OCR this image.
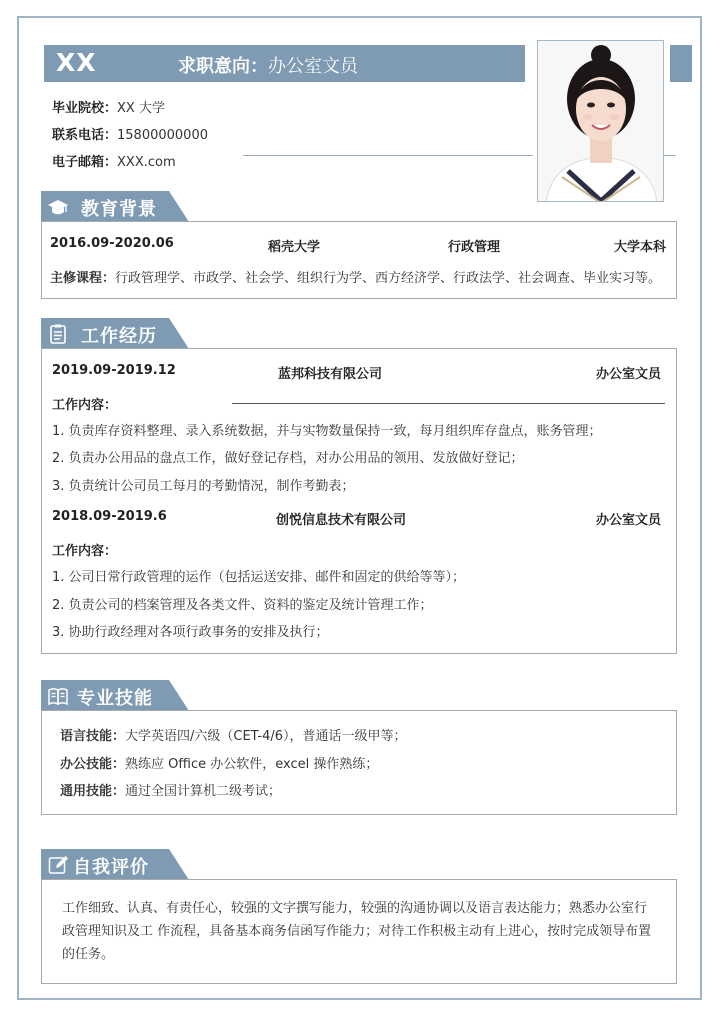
XX	求职意向：办公室文员
毕业院校：XX 大学
联系电话：15800000000
电子邮箱：XXX.com
教育背景
2016.09-2020.06	稻壳大学	行政管理	大学本科
主修课程：行政管理学、市政学、社会学、组织行为学、西方经济学、行政法学、社会调查、毕业实习等。
工作经历
2019.09-2019.12	蓝邦科技有限公司	办公室文员
工作内容：
1. 负责库存资料整理、录入系统数据，并与实物数量保持一致，每月组织库存盘点，账务管理；
2. 负责办公用品的盘点工作，做好登记存档，对办公用品的领用、发放做好登记；
3. 负责统计公司员工每月的考勤情况，制作考勤表；
2018.09-2019.6	创悦信息技术有限公司	办公室文员
工作内容：
1. 公司日常行政管理的运作（包括运送安排、邮件和固定的供给等等）；
2. 负责公司的档案管理及各类文件、资料的鉴定及统计管理工作；
3. 协助行政经理对各项行政事务的安排及执行；
专业技能
语言技能：大学英语四/六级（CET-4/6），普通话一级甲等；
办公技能：熟练应 Office 办公软件，excel 操作熟练；
通用技能：通过全国计算机二级考试；
自我评价
工作细致、认真、有责任心，较强的文字撰写能力，较强的沟通协调以及语言表达能力；熟悉办公室行
政管理知识及工 作流程，具备基本商务信函写作能力；对待工作积极主动有上进心，按时完成领导布置
的任务。
